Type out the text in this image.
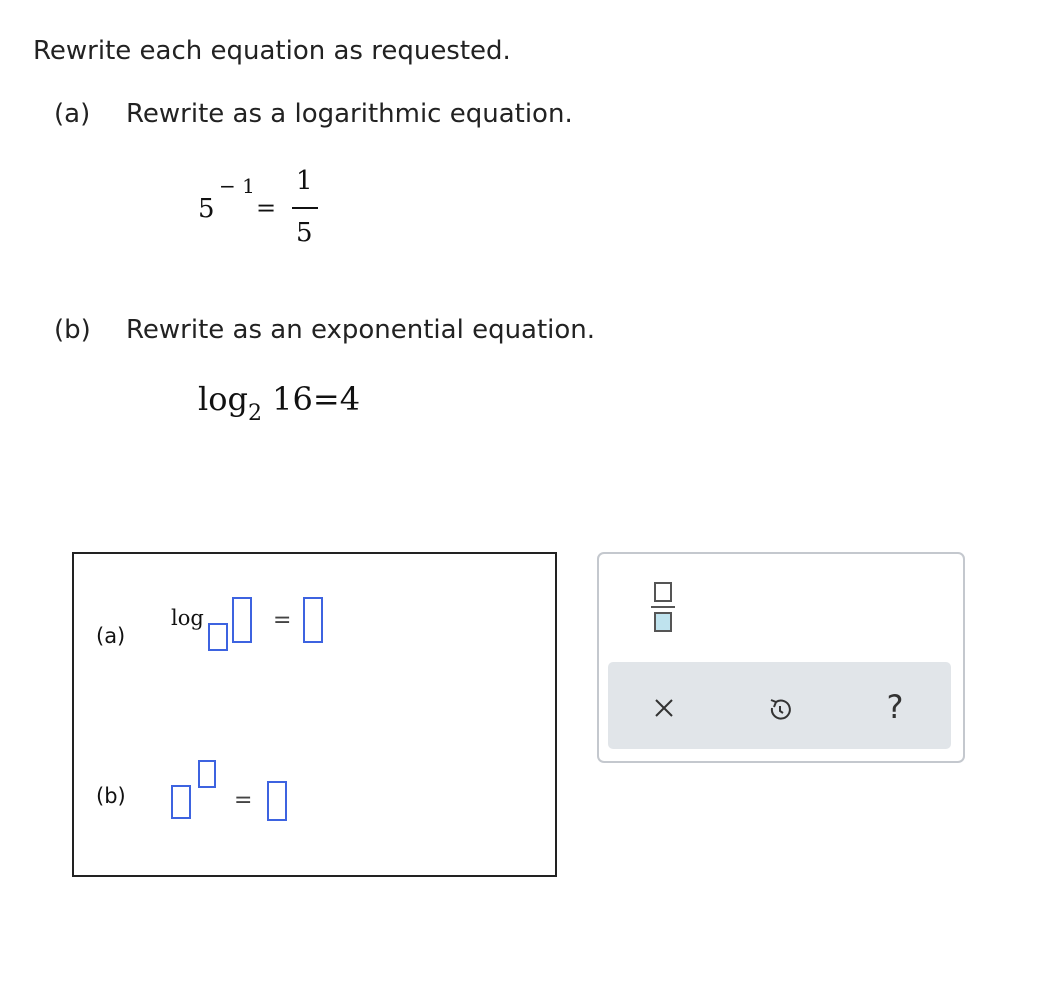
Rewrite each equation as requested.
(a) Rewrite as a logarithmic equation.
5
− 1
=
1
5
(b) Rewrite as an exponential equation.
$\log_2 16=4$
(a)
log	=
(b)	=
?
